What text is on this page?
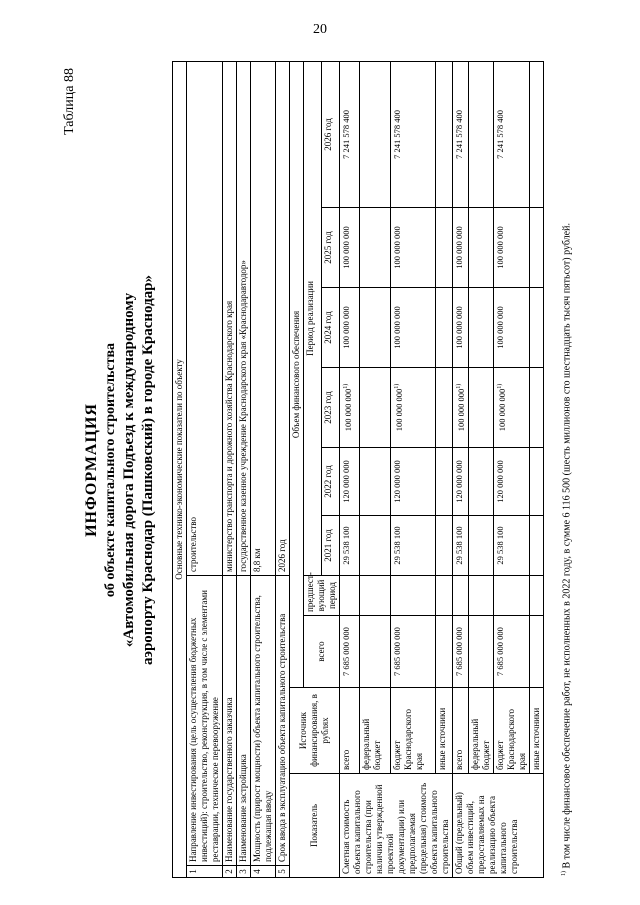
20
Таблица 88
ИНФОРМАЦИЯ об объекте капитального строительства «Автомобильная дорога Подъезд к международному аэропорту Краснодар (Пашковский) в городе Краснодар» Основные технико-экономические показатели по объекту										
1	Направление инвестирования (цель осуществления бюджетных инвестиций): строительство, реконструкция, в том числе с элементами реставрации, техническое перевооружение				строительство					
2	Наименование государственного заказчика				министерство транспорта и дорожного хозяйства Краснодарского края					
3	Наименование застройщика				государственное казенное учреждение Краснодарского края «Краснодаравтодор»					
4	Мощность (прирост мощности) объекта капитального строительства, подлежащая вводу				8,8 км					
5	Срок ввода в эксплуатацию объекта капитального строительства				2026 год					
Показатель		Источник финансирования, в рублях	Объем финансового обеспечения							
			всего	предшест-вующий период	Период реализации					
					2021 год	2022 год	2023 год	2024 год	2025 год	2026 год
Сметная стоимость объекта капитального строительства (при наличии утвержденной проектной документации) или предполагаемая (предельная) стоимость объекта капитального строительства		всего	7 685 000 000		29 538 100	120 000 000	100 000 000$^{1)}$	100 000 000	100 000 000	7 241 578 400
		федеральный бюджет								
		бюджет Краснодарского края	7 685 000 000		29 538 100	120 000 000	100 000 000$^{1)}$	100 000 000	100 000 000	7 241 578 400
		иные источники								
Общий (предельный) объем инвестиций, предоставляемых на реализацию объекта капитального строительства		всего	7 685 000 000		29 538 100	120 000 000	100 000 000$^{1)}$	100 000 000	100 000 000	7 241 578 400
		федеральный бюджет								
		бюджет Краснодарского края	7 685 000 000		29 538 100	120 000 000	100 000 000$^{1)}$	100 000 000	100 000 000	7 241 578 400
		иные источники								
$^{1)}$ В том числе финансовое обеспечение работ, не исполненных в 2022 году, в сумме 6 116 500 (шесть миллионов сто шестнадцать тысяч пятьсот) рублей.
